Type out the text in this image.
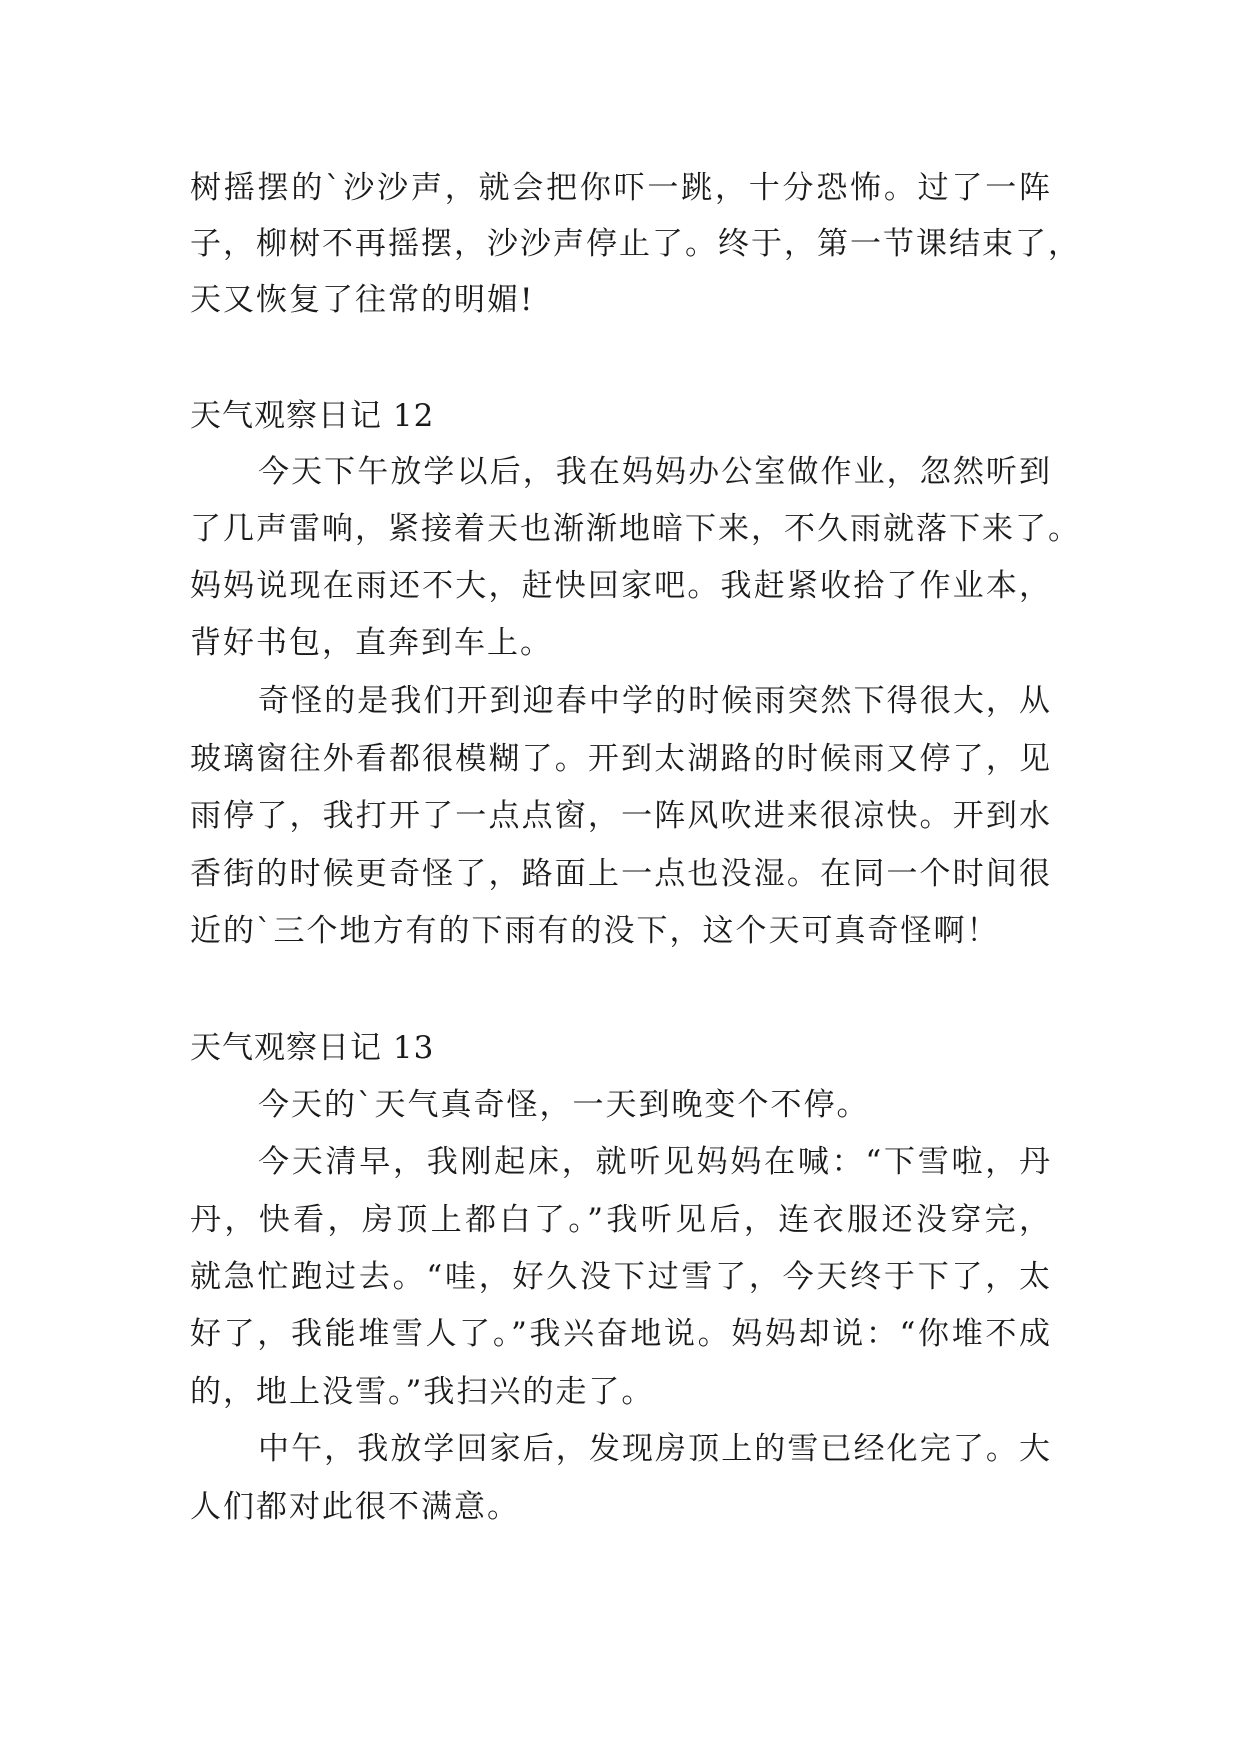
树摇摆的`沙沙声，就会把你吓一跳，十分恐怖。过了一阵
子，柳树不再摇摆，沙沙声停止了。终于，第一节课结束了，
天又恢复了往常的明媚!
天气观察日记 12
今天下午放学以后，我在妈妈办公室做作业，忽然听到
了几声雷响，紧接着天也渐渐地暗下来，不久雨就落下来了。
妈妈说现在雨还不大，赶快回家吧。我赶紧收拾了作业本，
背好书包，直奔到车上。
奇怪的是我们开到迎春中学的时候雨突然下得很大，从
玻璃窗往外看都很模糊了。开到太湖路的时候雨又停了，见
雨停了，我打开了一点点窗，一阵风吹进来很凉快。开到水
香街的时候更奇怪了，路面上一点也没湿。在同一个时间很
近的`三个地方有的下雨有的没下，这个天可真奇怪啊！
天气观察日记 13
今天的`天气真奇怪，一天到晚变个不停。
今天清早，我刚起床，就听见妈妈在喊：“下雪啦，丹
丹，快看，房顶上都白了。”我听见后，连衣服还没穿完，
就急忙跑过去。“哇，好久没下过雪了，今天终于下了，太
好了，我能堆雪人了。”我兴奋地说。妈妈却说：“你堆不成
的，地上没雪。”我扫兴的走了。
中午，我放学回家后，发现房顶上的雪已经化完了。大
人们都对此很不满意。
